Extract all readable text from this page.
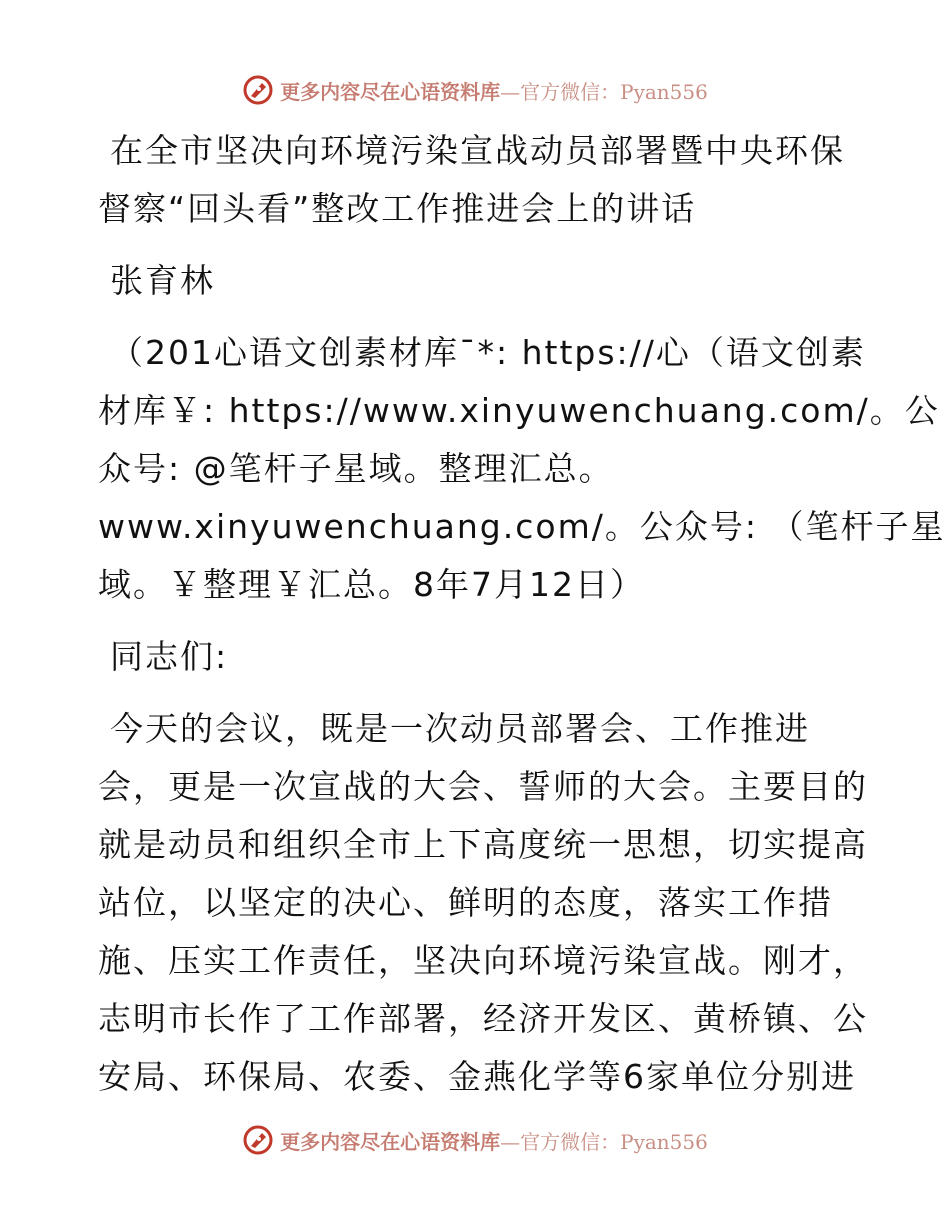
更多内容尽在心语资料库—官方微信：Pyan556
在全市坚决向环境污染宣战动员部署暨中央环保
督察“回头看”整改工作推进会上的讲话
张育林
（201心语文创素材库¯*: https://心（语文创素
材库￥: https://www.xinyuwenchuang.com/。公
众号: @笔杆子星域。整理汇总。
www.xinyuwenchuang.com/。公众号: （笔杆子星
域。￥整理￥汇总。8年7月12日）
同志们:
今天的会议，既是一次动员部署会、工作推进
会，更是一次宣战的大会、誓师的大会。主要目的
就是动员和组织全市上下高度统一思想，切实提高
站位，以坚定的决心、鲜明的态度，落实工作措
施、压实工作责任，坚决向环境污染宣战。刚才，
志明市长作了工作部署，经济开发区、黄桥镇、公
安局、环保局、农委、金燕化学等6家单位分别进
更多内容尽在心语资料库—官方微信：Pyan556
